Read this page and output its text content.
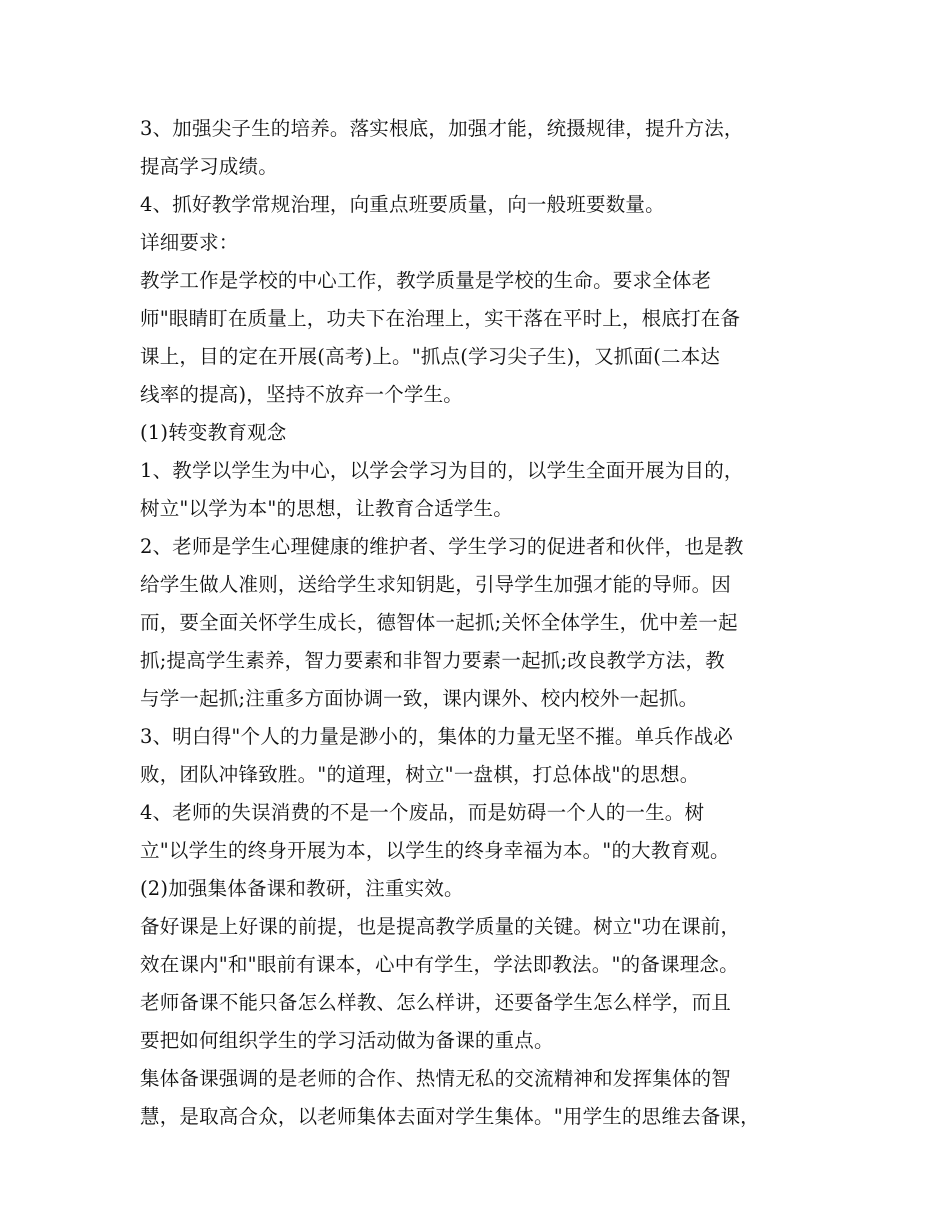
3、加强尖子生的培养。落实根底，加强才能，统摄规律，提升方法，

提高学习成绩。

4、抓好教学常规治理，向重点班要质量，向一般班要数量。

详细要求：

教学工作是学校的中心工作，教学质量是学校的生命。要求全体老

师"眼睛盯在质量上，功夫下在治理上，实干落在平时上，根底打在备

课上，目的定在开展(高考)上。"抓点(学习尖子生)，又抓面(二本达

线率的提高)，坚持不放弃一个学生。

(1)转变教育观念

1、教学以学生为中心，以学会学习为目的，以学生全面开展为目的，

树立"以学为本"的思想，让教育合适学生。

2、老师是学生心理健康的维护者、学生学习的促进者和伙伴，也是教

给学生做人准则，送给学生求知钥匙，引导学生加强才能的导师。因

而，要全面关怀学生成长，德智体一起抓;关怀全体学生，优中差一起

抓;提高学生素养，智力要素和非智力要素一起抓;改良教学方法，教

与学一起抓;注重多方面协调一致，课内课外、校内校外一起抓。

3、明白得"个人的力量是渺小的，集体的力量无坚不摧。单兵作战必

败，团队冲锋致胜。"的道理，树立"一盘棋，打总体战"的思想。

4、老师的失误消费的不是一个废品，而是妨碍一个人的一生。树

立"以学生的终身开展为本，以学生的终身幸福为本。"的大教育观。

(2)加强集体备课和教研，注重实效。

备好课是上好课的前提，也是提高教学质量的关键。树立"功在课前，

效在课内"和"眼前有课本，心中有学生，学法即教法。"的备课理念。

老师备课不能只备怎么样教、怎么样讲，还要备学生怎么样学，而且

要把如何组织学生的学习活动做为备课的重点。

集体备课强调的是老师的合作、热情无私的交流精神和发挥集体的智

慧，是取高合众，以老师集体去面对学生集体。"用学生的思维去备课，
